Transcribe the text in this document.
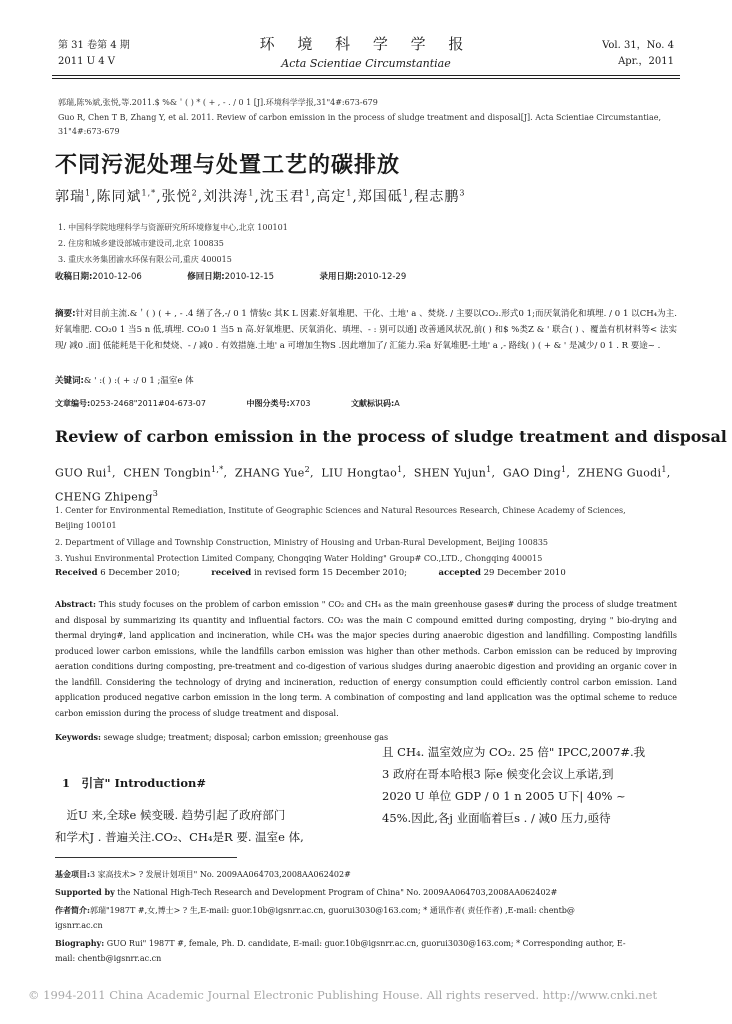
第 31 卷第 4 期
2011 U 4 V
环 境 科 学 学 报
Acta Scientiae Circumstantiae
Vol. 31，No. 4
Apr.，2011
郭瑞,陈%斌,张悦,等.2011.$ %&＇( ) * ( + , - . / 0 1 [J].环境科学学报,31"4#:673-679
Guo R, Chen T B, Zhang Y, et al. 2011. Review of carbon emission in the process of sludge treatment and disposal[J]. Acta Scientiae Circumstantiae,
31"4#:673-679
不同污泥处理与处置工艺的碳排放
郭瑞$^1$,陈同斌$^{1,*}$,张悦$^2$,刘洪涛$^1$,沈玉君$^1$,高定$^1$,郑国砥$^1$,程志鹏$^3$
1. 中国科学院地理科学与资源研究所环境修复中心,北京 100101
2. 住房和城乡建设部城市建设司,北京 100835
3. 重庆水务集团渝水环保有限公司,重庆 400015
收稿日期:2010-12-06	修回日期:2010-12-15	录用日期:2010-12-29
摘要:针对目前主流.&＇( ) ( + , - .4 缮了各,-/ 0 1 情装c 其K L 因素.好氧堆肥、干化、土地' a 、焚烧. / 主要以CO₂.形式0 1;而厌氧消化和填埋. / 0 1 以CH₄为主.好氧堆肥. CO₂0 1 当5 n 低,填埋. CO₂0 1 当5 n 高.好氧堆肥、厌氧消化、填埋、- : 别可以通] 改善通风状况,前( ) 和$ %类Z & ' 联合( ) 、覆盖有机材料等< 法实现/ 减0 .面] 低能耗是干化和焚烧、- / 减0 . 有效措施.土地' a 可增加生物S .因此增加了/ 汇能力.采a 好氧堆肥-土地' a ,- 路线( ) ( + & ' 是减少/ 0 1 . R 要途~ .
关键词:& ' :( ) :( + :/ 0 1 ;温室e 体
文章编号:0253-2468"2011#04-673-07	中图分类号:X703	文献标识码:A
Review of carbon emission in the process of sludge treatment and disposal
GUO Rui$^1$,  CHEN Tongbin$^{1,*}$,  ZHANG Yue$^2$,  LIU Hongtao$^1$,  SHEN Yujun$^1$,  GAO Ding$^1$,  ZHENG Guodi$^1$,
CHENG Zhipeng$^3$
1. Center for Environmental Remediation, Institute of Geographic Sciences and Natural Resources Research, Chinese Academy of Sciences,
Beijing 100101
2. Department of Village and Township Construction, Ministry of Housing and Urban-Rural Development, Beijing 100835
3. Yushui Environmental Protection Limited Company, Chongqing Water Holding" Group# CO.,LTD., Chongqing 400015
Received 6 December 2010;	received in revised form 15 December 2010;	accepted 29 December 2010
Abstract: This study focuses on the problem of carbon emission " CO₂ and CH₄ as the main greenhouse gases# during the process of sludge treatment and disposal by summarizing its quantity and influential factors. CO₂ was the main C compound emitted during composting, drying " bio-drying and thermal drying#, land application and incineration, while CH₄ was the major species during anaerobic digestion and landfilling. Composting landfills produced lower carbon emissions, while the landfills carbon emission was higher than other methods. Carbon emission can be reduced by improving aeration conditions during composting, pre-treatment and co-digestion of various sludges during anaerobic digestion and providing an organic cover in the landfill. Considering the technology of drying and incineration, reduction of energy consumption could efficiently control carbon emission. Land application produced negative carbon emission in the long term. A combination of composting and land application was the optimal scheme to reduce carbon emission during the process of sludge treatment and disposal.
Keywords: sewage sludge; treatment; disposal; carbon emission; greenhouse gas
1　引言" Introduction#
　近U 来,全球e 候变暖. 趋势引起了政府部门
和学术J . 普遍关注.CO₂、CH₄是R 要. 温室e 体,
且 CH₄. 温室效应为 CO₂. 25 倍" IPCC,2007#.我
3 政府在哥本哈根3 际e 候变化会议上承诺,到
2020 U 单位 GDP / 0 1 n 2005 U下| 40% ~
45%.因此,各j 业面临着巨s . / 减0 压力,亟待
基金项目:3 家高技术> ? 发展计划项目" No. 2009AA064703,2008AA062402#
Supported by the National High-Tech Research and Development Program of China" No. 2009AA064703,2008AA062402#
作者简介:郭瑞"1987T #,女,博士> ? 生,E-mail: guor.10b@igsnrr.ac.cn, guorui3030@163.com; * 通讯作者( 责任作者) ,E-mail: chentb@
igsnrr.ac.cn
Biography: GUO Rui" 1987T #, female, Ph. D. candidate, E-mail: guor.10b@igsnrr.ac.cn, guorui3030@163.com; * Corresponding author, E-
mail: chentb@igsnrr.ac.cn
© 1994-2011 China Academic Journal Electronic Publishing House. All rights reserved. http://www.cnki.net
